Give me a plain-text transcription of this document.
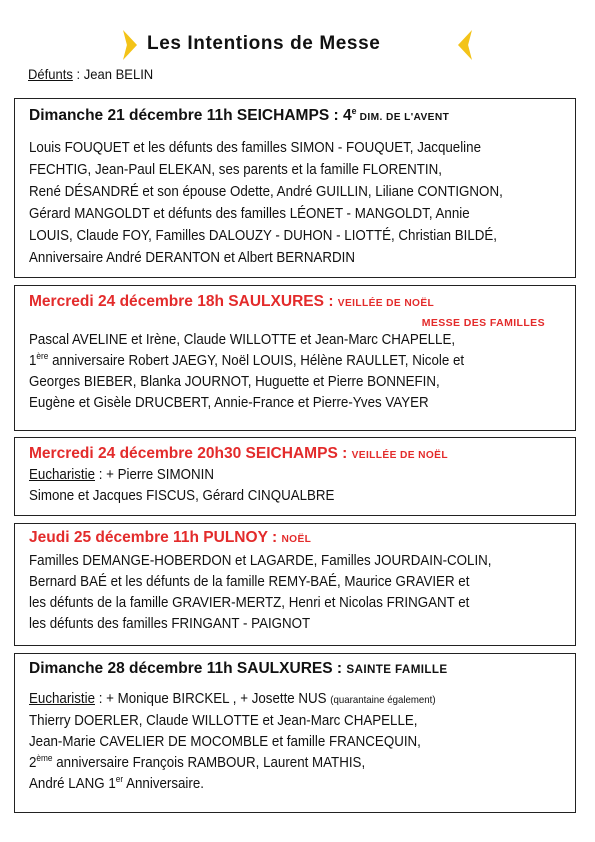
Les Intentions de Messe
Défunts : Jean BELIN
Dimanche 21 décembre 11h SEICHAMPS : 4e DIM. DE L'AVENT
Louis FOUQUET et les défunts des familles SIMON - FOUQUET, Jacqueline
FECHTIG, Jean-Paul ELEKAN, ses parents et la famille FLORENTIN,
René DÉSANDRÉ et son épouse Odette, André GUILLIN, Liliane CONTIGNON,
Gérard MANGOLDT et défunts des familles LÉONET - MANGOLDT, Annie
LOUIS, Claude FOY, Familles DALOUZY - DUHON - LIOTTÉ, Christian BILDÉ,
Anniversaire André DERANTON et Albert BERNARDIN
Mercredi 24 décembre 18h SAULXURES : VEILLÉE DE NOËL
MESSE DES FAMILLES
Pascal AVELINE et Irène, Claude WILLOTTE et Jean-Marc CHAPELLE,
1ère anniversaire Robert JAEGY, Noël LOUIS, Hélène RAULLET, Nicole et
Georges BIEBER, Blanka JOURNOT, Huguette et Pierre BONNEFIN,
Eugène et Gisèle DRUCBERT, Annie-France et Pierre-Yves VAYER
Mercredi 24 décembre 20h30 SEICHAMPS : VEILLÉE DE NOËL
Eucharistie : + Pierre SIMONIN
Simone et Jacques FISCUS, Gérard CINQUALBRE
Jeudi 25 décembre 11h PULNOY : NOËL
Familles DEMANGE-HOBERDON et LAGARDE, Familles JOURDAIN-COLIN,
Bernard BAÉ et les défunts de la famille REMY-BAÉ, Maurice GRAVIER et
les défunts de la famille GRAVIER-MERTZ, Henri et Nicolas FRINGANT et
les défunts des familles FRINGANT - PAIGNOT
Dimanche 28 décembre 11h SAULXURES : SAINTE FAMILLE
Eucharistie : + Monique BIRCKEL , + Josette NUS (quarantaine également)
Thierry DOERLER, Claude WILLOTTE et Jean-Marc CHAPELLE,
Jean-Marie CAVELIER DE MOCOMBLE et famille FRANCEQUIN,
2ème anniversaire François RAMBOUR, Laurent MATHIS,
André LANG 1er Anniversaire.
